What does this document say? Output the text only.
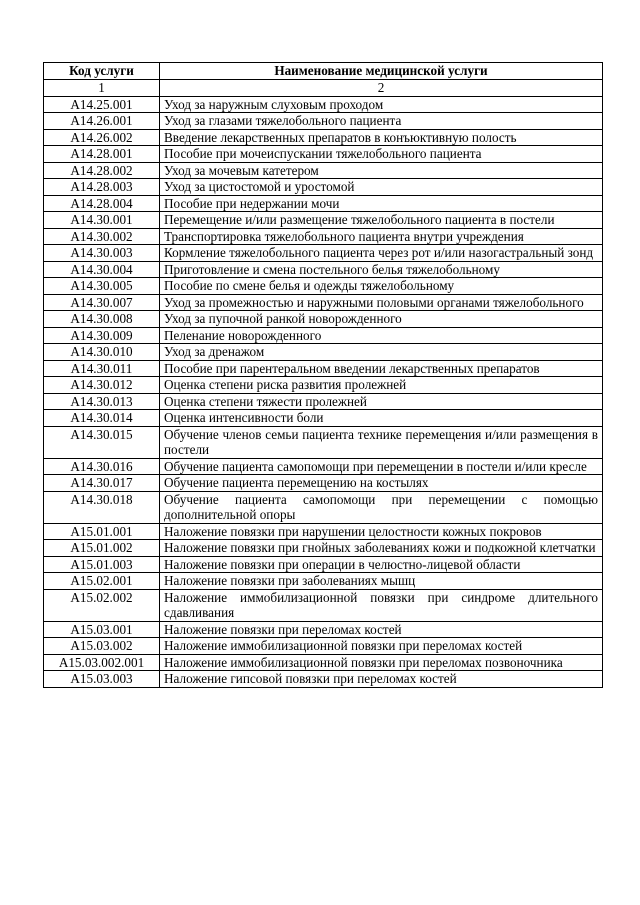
Код услуги	Наименование медицинской услуги
1	2
A14.25.001	Уход за наружным слуховым проходом
A14.26.001	Уход за глазами тяжелобольного пациента
A14.26.002	Введение лекарственных препаратов в конъюктивную полость
A14.28.001	Пособие при мочеиспускании тяжелобольного пациента
A14.28.002	Уход за мочевым катетером
A14.28.003	Уход за цистостомой и уростомой
A14.28.004	Пособие при недержании мочи
A14.30.001	Перемещение и/или размещение тяжелобольного пациента в постели
A14.30.002	Транспортировка тяжелобольного пациента внутри учреждения
A14.30.003	Кормление тяжелобольного пациента через рот и/или назогастральный зонд
A14.30.004	Приготовление и смена постельного белья тяжелобольному
A14.30.005	Пособие по смене белья и одежды тяжелобольному
A14.30.007	Уход за промежностью и наружными половыми органами тяжелобольного
A14.30.008	Уход за пупочной ранкой новорожденного
A14.30.009	Пеленание новорожденного
A14.30.010	Уход за дренажом
A14.30.011	Пособие при парентеральном введении лекарственных препаратов
A14.30.012	Оценка степени риска развития пролежней
A14.30.013	Оценка степени тяжести пролежней
A14.30.014	Оценка интенсивности боли
A14.30.015	Обучение членов семьи пациента технике перемещения и/или размещения в постели
A14.30.016	Обучение пациента самопомощи при перемещении в постели и/или кресле
A14.30.017	Обучение пациента перемещению на костылях
A14.30.018	Обучение пациента самопомощи при перемещении с помощью дополнительной опоры
A15.01.001	Наложение повязки при нарушении целостности кожных покровов
A15.01.002	Наложение повязки при гнойных заболеваниях кожи и подкожной клетчатки
A15.01.003	Наложение повязки при операции в челюстно-лицевой области
A15.02.001	Наложение повязки при заболеваниях мышц
A15.02.002	Наложение иммобилизационной повязки при синдроме длительного сдавливания
A15.03.001	Наложение повязки при переломах костей
A15.03.002	Наложение иммобилизационной повязки при переломах костей
A15.03.002.001	Наложение иммобилизационной повязки при переломах позвоночника
A15.03.003	Наложение гипсовой повязки при переломах костей
